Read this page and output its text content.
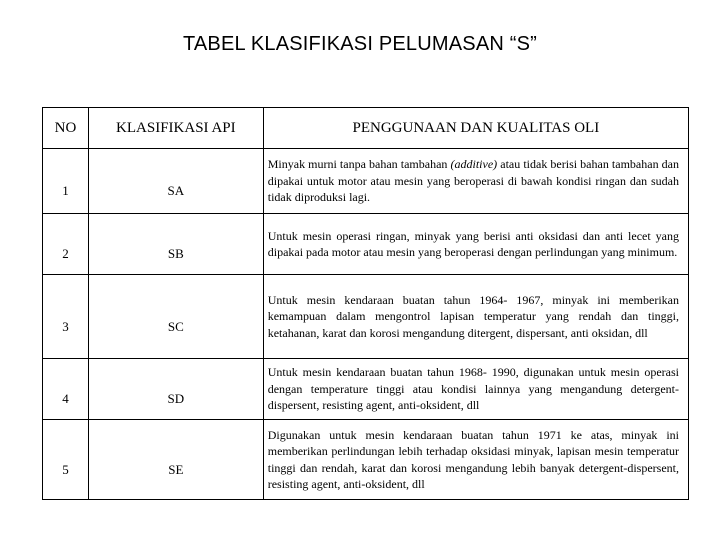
TABEL KLASIFIKASI PELUMASAN “S”
NO	KLASIFIKASI API	PENGGUNAAN DAN KUALITAS OLI
1	SA	Minyak murni tanpa bahan tambahan (additive) atau tidak berisi bahan tambahan dan dipakai untuk motor atau mesin yang beroperasi di bawah kondisi ringan dan sudah tidak diproduksi lagi.
2	SB	Untuk mesin operasi ringan, minyak yang berisi anti oksidasi dan anti lecet yang dipakai pada motor atau mesin yang beroperasi dengan perlindungan yang minimum.
3	SC	Untuk mesin kendaraan buatan tahun 1964- 1967, minyak ini memberikan kemampuan dalam mengontrol lapisan temperatur yang rendah dan tinggi, ketahanan, karat dan korosi mengandung ditergent, dispersant, anti oksidan, dll
4	SD	Untuk mesin kendaraan buatan tahun 1968- 1990, digunakan untuk mesin operasi dengan temperature tinggi atau kondisi lainnya yang mengandung detergent-dispersent, resisting agent, anti-oksident, dll
5	SE	Digunakan untuk mesin kendaraan buatan tahun 1971 ke atas, minyak ini memberikan perlindungan lebih terhadap oksidasi minyak, lapisan mesin temperatur tinggi dan rendah, karat dan korosi mengandung lebih banyak detergent-dispersent, resisting agent, anti-oksident, dll
